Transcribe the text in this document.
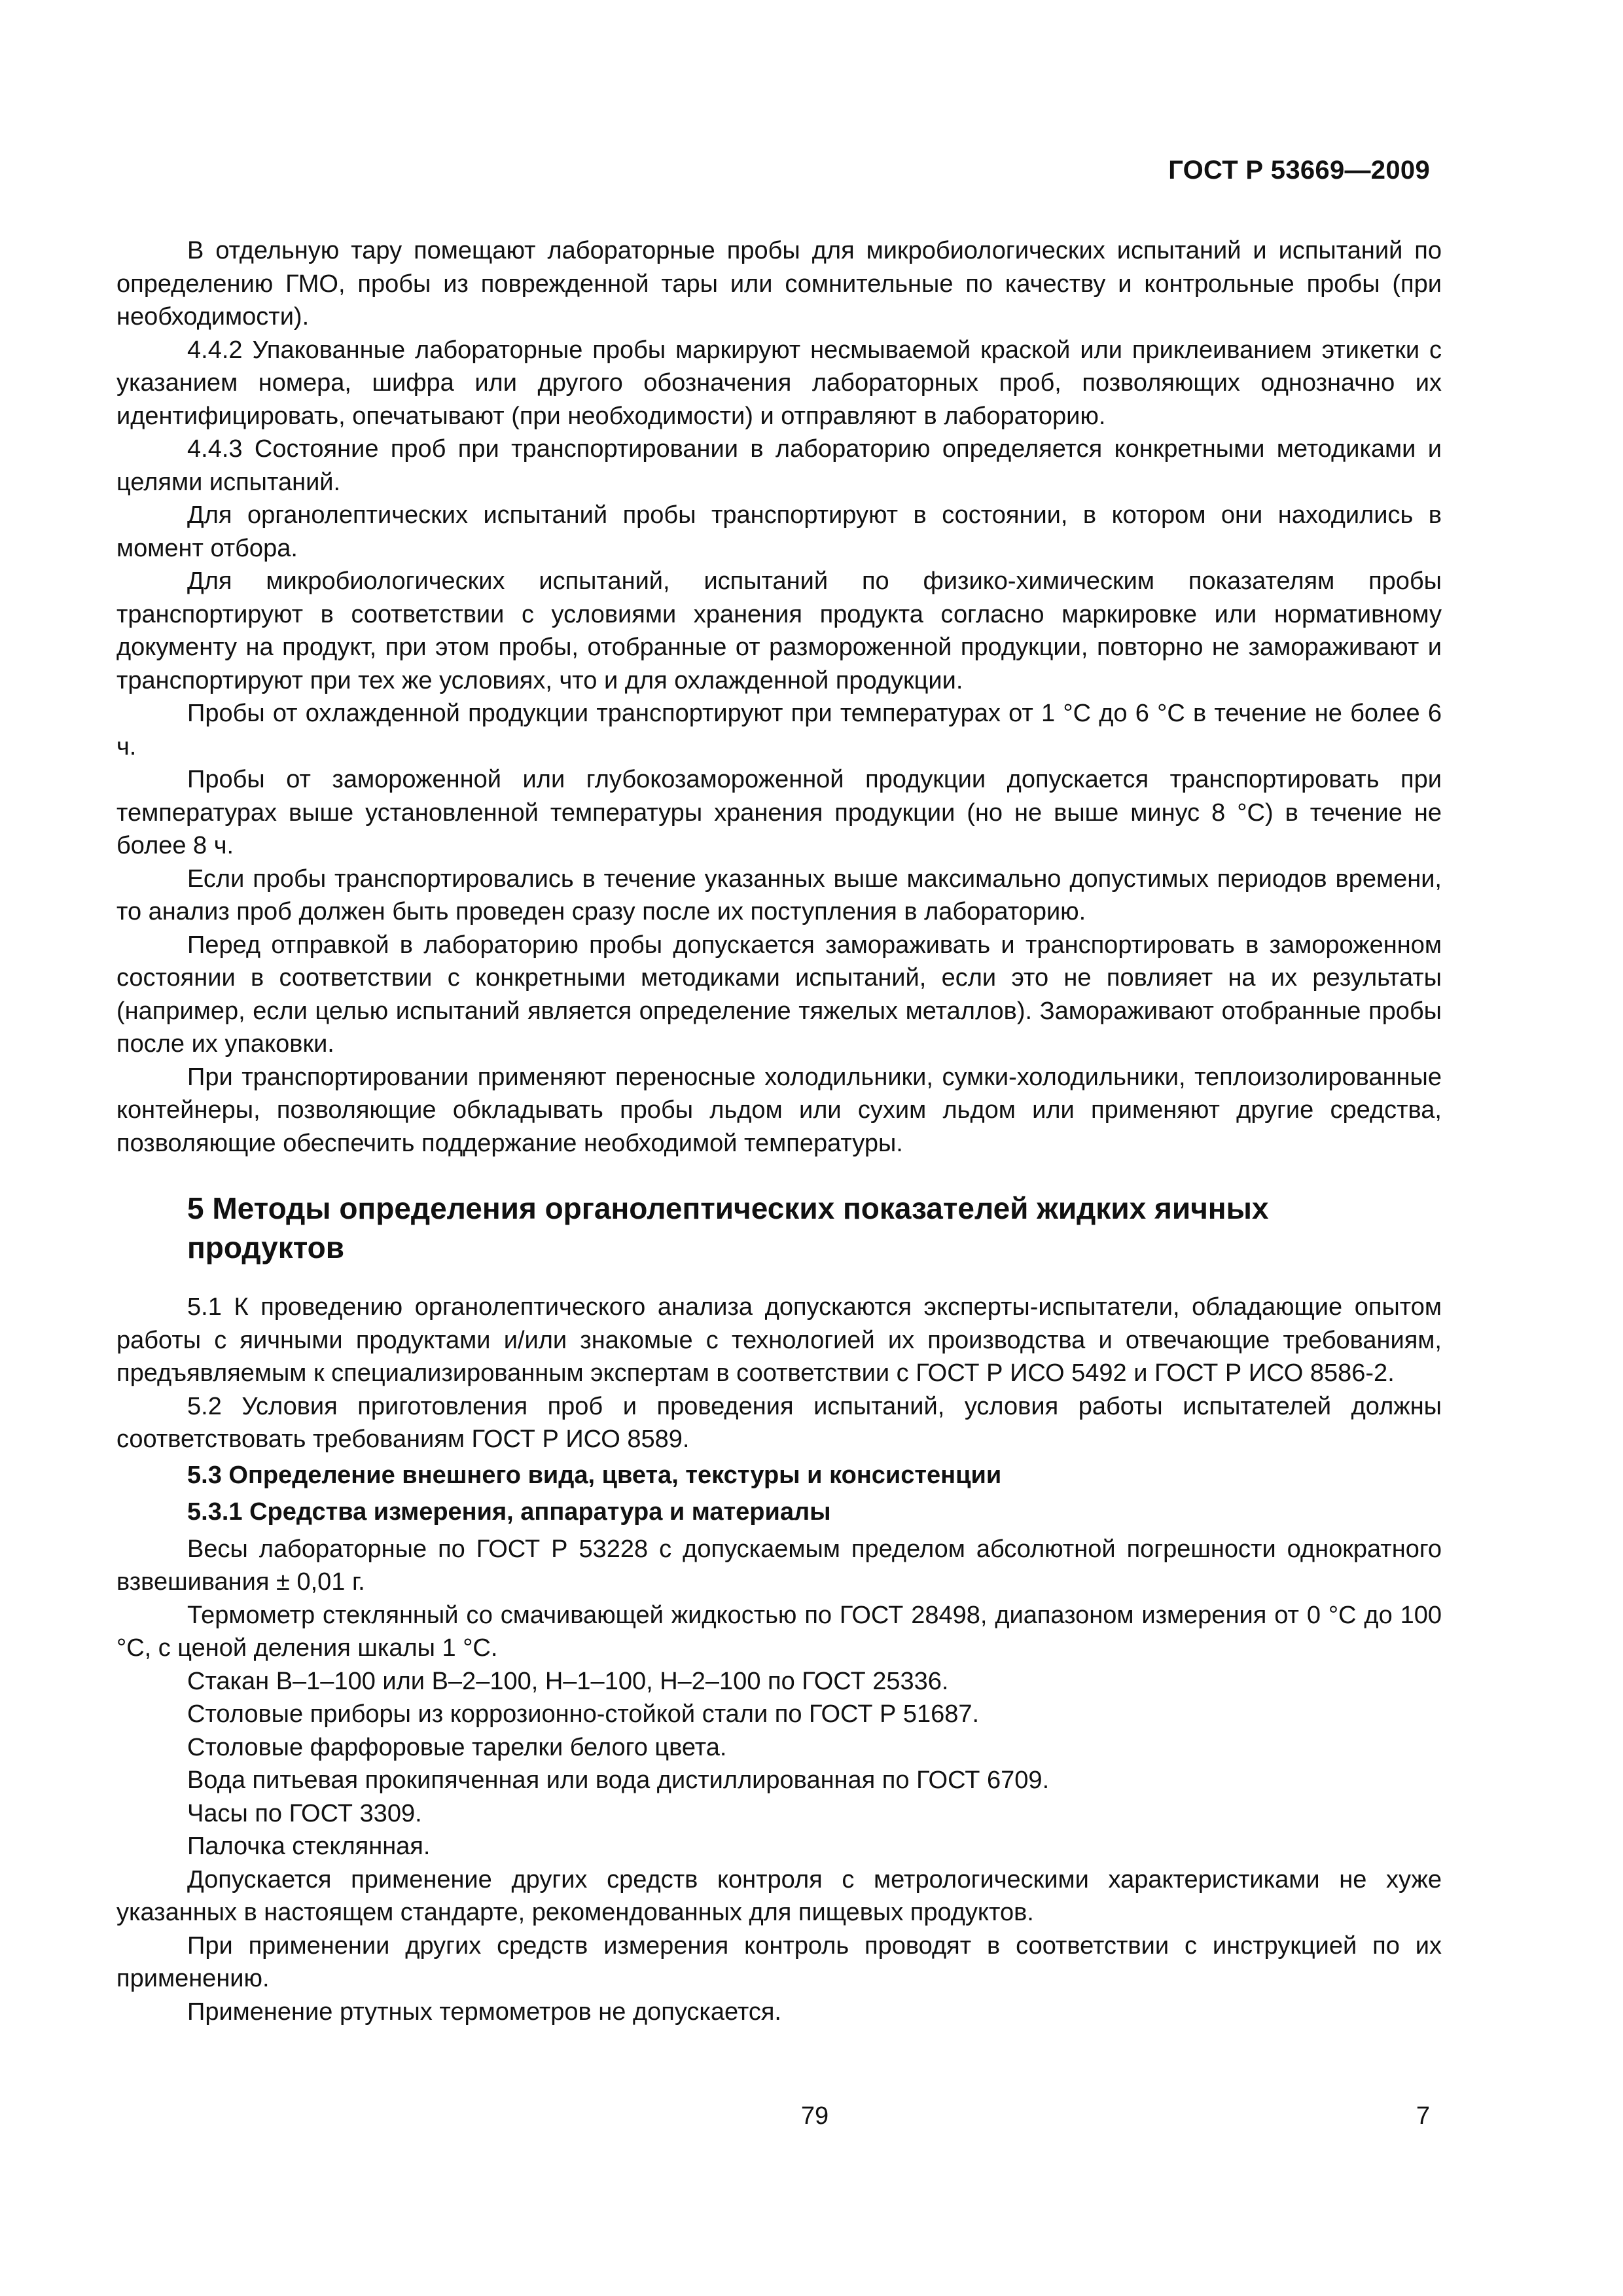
ГОСТ Р 53669—2009

В отдельную тару помещают лабораторные пробы для микробиологических испытаний и испытаний по определению ГМО, пробы из поврежденной тары или сомнительные по качеству и контрольные пробы (при необходимости).

4.4.2 Упакованные лабораторные пробы маркируют несмываемой краской или приклеиванием этикетки с указанием номера, шифра или другого обозначения лабораторных проб, позволяющих однозначно их идентифицировать, опечатывают (при необходимости) и отправляют в лабораторию.

4.4.3 Состояние проб при транспортировании в лабораторию определяется конкретными методиками и целями испытаний.

Для органолептических испытаний пробы транспортируют в состоянии, в котором они находились в момент отбора.

Для микробиологических испытаний, испытаний по физико-химическим показателям пробы транспортируют в соответствии с условиями хранения продукта согласно маркировке или нормативному документу на продукт, при этом пробы, отобранные от размороженной продукции, повторно не замораживают и транспортируют при тех же условиях, что и для охлажденной продукции.

Пробы от охлажденной продукции транспортируют при температурах от 1 °С до 6 °С в течение не более 6 ч.

Пробы от замороженной или глубокозамороженной продукции допускается транспортировать при температурах выше установленной температуры хранения продукции (но не выше минус 8 °С) в течение не более 8 ч.

Если пробы транспортировались в течение указанных выше максимально допустимых периодов времени, то анализ проб должен быть проведен сразу после их поступления в лабораторию.

Перед отправкой в лабораторию пробы допускается замораживать и транспортировать в замороженном состоянии в соответствии с конкретными методиками испытаний, если это не повлияет на их результаты (например, если целью испытаний является определение тяжелых металлов). Замораживают отобранные пробы после их упаковки.

При транспортировании применяют переносные холодильники, сумки-холодильники, теплоизолированные контейнеры, позволяющие обкладывать пробы льдом или сухим льдом или применяют другие средства, позволяющие обеспечить поддержание необходимой температуры.

5 Методы определения органолептических показателей жидких яичных продуктов

5.1 К проведению органолептического анализа допускаются эксперты-испытатели, обладающие опытом работы с яичными продуктами и/или знакомые с технологией их производства и отвечающие требованиям, предъявляемым к специализированным экспертам в соответствии с ГОСТ Р ИСО 5492 и ГОСТ Р ИСО 8586-2.

5.2 Условия приготовления проб и проведения испытаний, условия работы испытателей должны соответствовать требованиям ГОСТ Р ИСО 8589.

5.3 Определение внешнего вида, цвета, текстуры и консистенции

5.3.1 Средства измерения, аппаратура и материалы

Весы лабораторные по ГОСТ Р 53228 с допускаемым пределом абсолютной погрешности однократного взвешивания ± 0,01 г.

Термометр стеклянный со смачивающей жидкостью по ГОСТ 28498, диапазоном измерения от 0 °С до 100 °С, с ценой деления шкалы 1 °С.

Стакан В–1–100 или В–2–100, Н–1–100, Н–2–100 по ГОСТ 25336.

Столовые приборы из коррозионно-стойкой стали по ГОСТ Р 51687.

Столовые фарфоровые тарелки белого цвета.

Вода питьевая прокипяченная или вода дистиллированная по ГОСТ 6709.

Часы по ГОСТ 3309.

Палочка стеклянная.

Допускается применение других средств контроля с метрологическими характеристиками не хуже указанных в настоящем стандарте, рекомендованных для пищевых продуктов.

При применении других средств измерения контроль проводят в соответствии с инструкцией по их применению.

Применение ртутных термометров не допускается.

79	7
